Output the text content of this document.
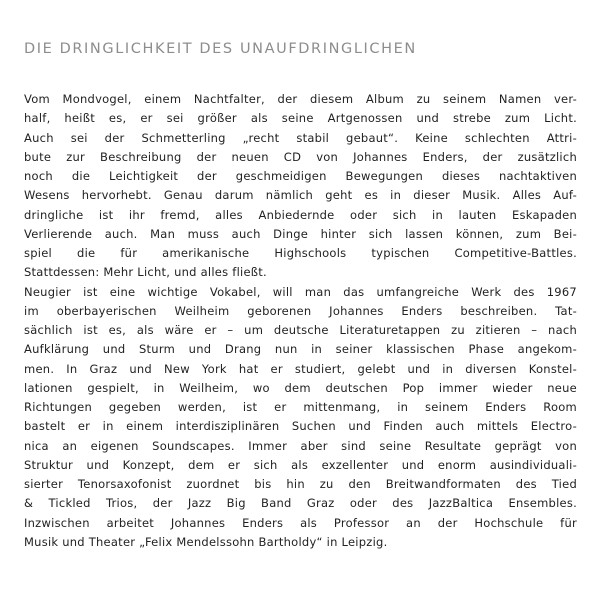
DIE DRINGLICHKEIT DES UNAUFDRINGLICHEN
Vom Mondvogel, einem Nachtfalter, der diesem Album zu seinem Namen ver-
half, heißt es, er sei größer als seine Artgenossen und strebe zum Licht.
Auch sei der Schmetterling „recht stabil gebaut“. Keine schlechten Attri-
bute zur Beschreibung der neuen CD von Johannes Enders, der zusätzlich
noch die Leichtigkeit der geschmeidigen Bewegungen dieses nachtaktiven
Wesens hervorhebt. Genau darum nämlich geht es in dieser Musik. Alles Auf-
dringliche ist ihr fremd, alles Anbiedernde oder sich in lauten Eskapaden
Verlierende auch. Man muss auch Dinge hinter sich lassen können, zum Bei-
spiel die für amerikanische Highschools typischen Competitive-Battles.
Stattdessen: Mehr Licht, und alles fließt.
Neugier ist eine wichtige Vokabel, will man das umfangreiche Werk des 1967
im oberbayerischen Weilheim geborenen Johannes Enders beschreiben. Tat-
sächlich ist es, als wäre er – um deutsche Literaturetappen zu zitieren – nach
Aufklärung und Sturm und Drang nun in seiner klassischen Phase angekom-
men. In Graz und New York hat er studiert, gelebt und in diversen Konstel-
lationen gespielt, in Weilheim, wo dem deutschen Pop immer wieder neue
Richtungen gegeben werden, ist er mittenmang, in seinem Enders Room
bastelt er in einem interdisziplinären Suchen und Finden auch mittels Electro-
nica an eigenen Soundscapes. Immer aber sind seine Resultate geprägt von
Struktur und Konzept, dem er sich als exzellenter und enorm ausindividuali-
sierter Tenorsaxofonist zuordnet bis hin zu den Breitwandformaten des Tied
& Tickled Trios, der Jazz Big Band Graz oder des JazzBaltica Ensembles.
Inzwischen arbeitet Johannes Enders als Professor an der Hochschule für
Musik und Theater „Felix Mendelssohn Bartholdy“ in Leipzig.
